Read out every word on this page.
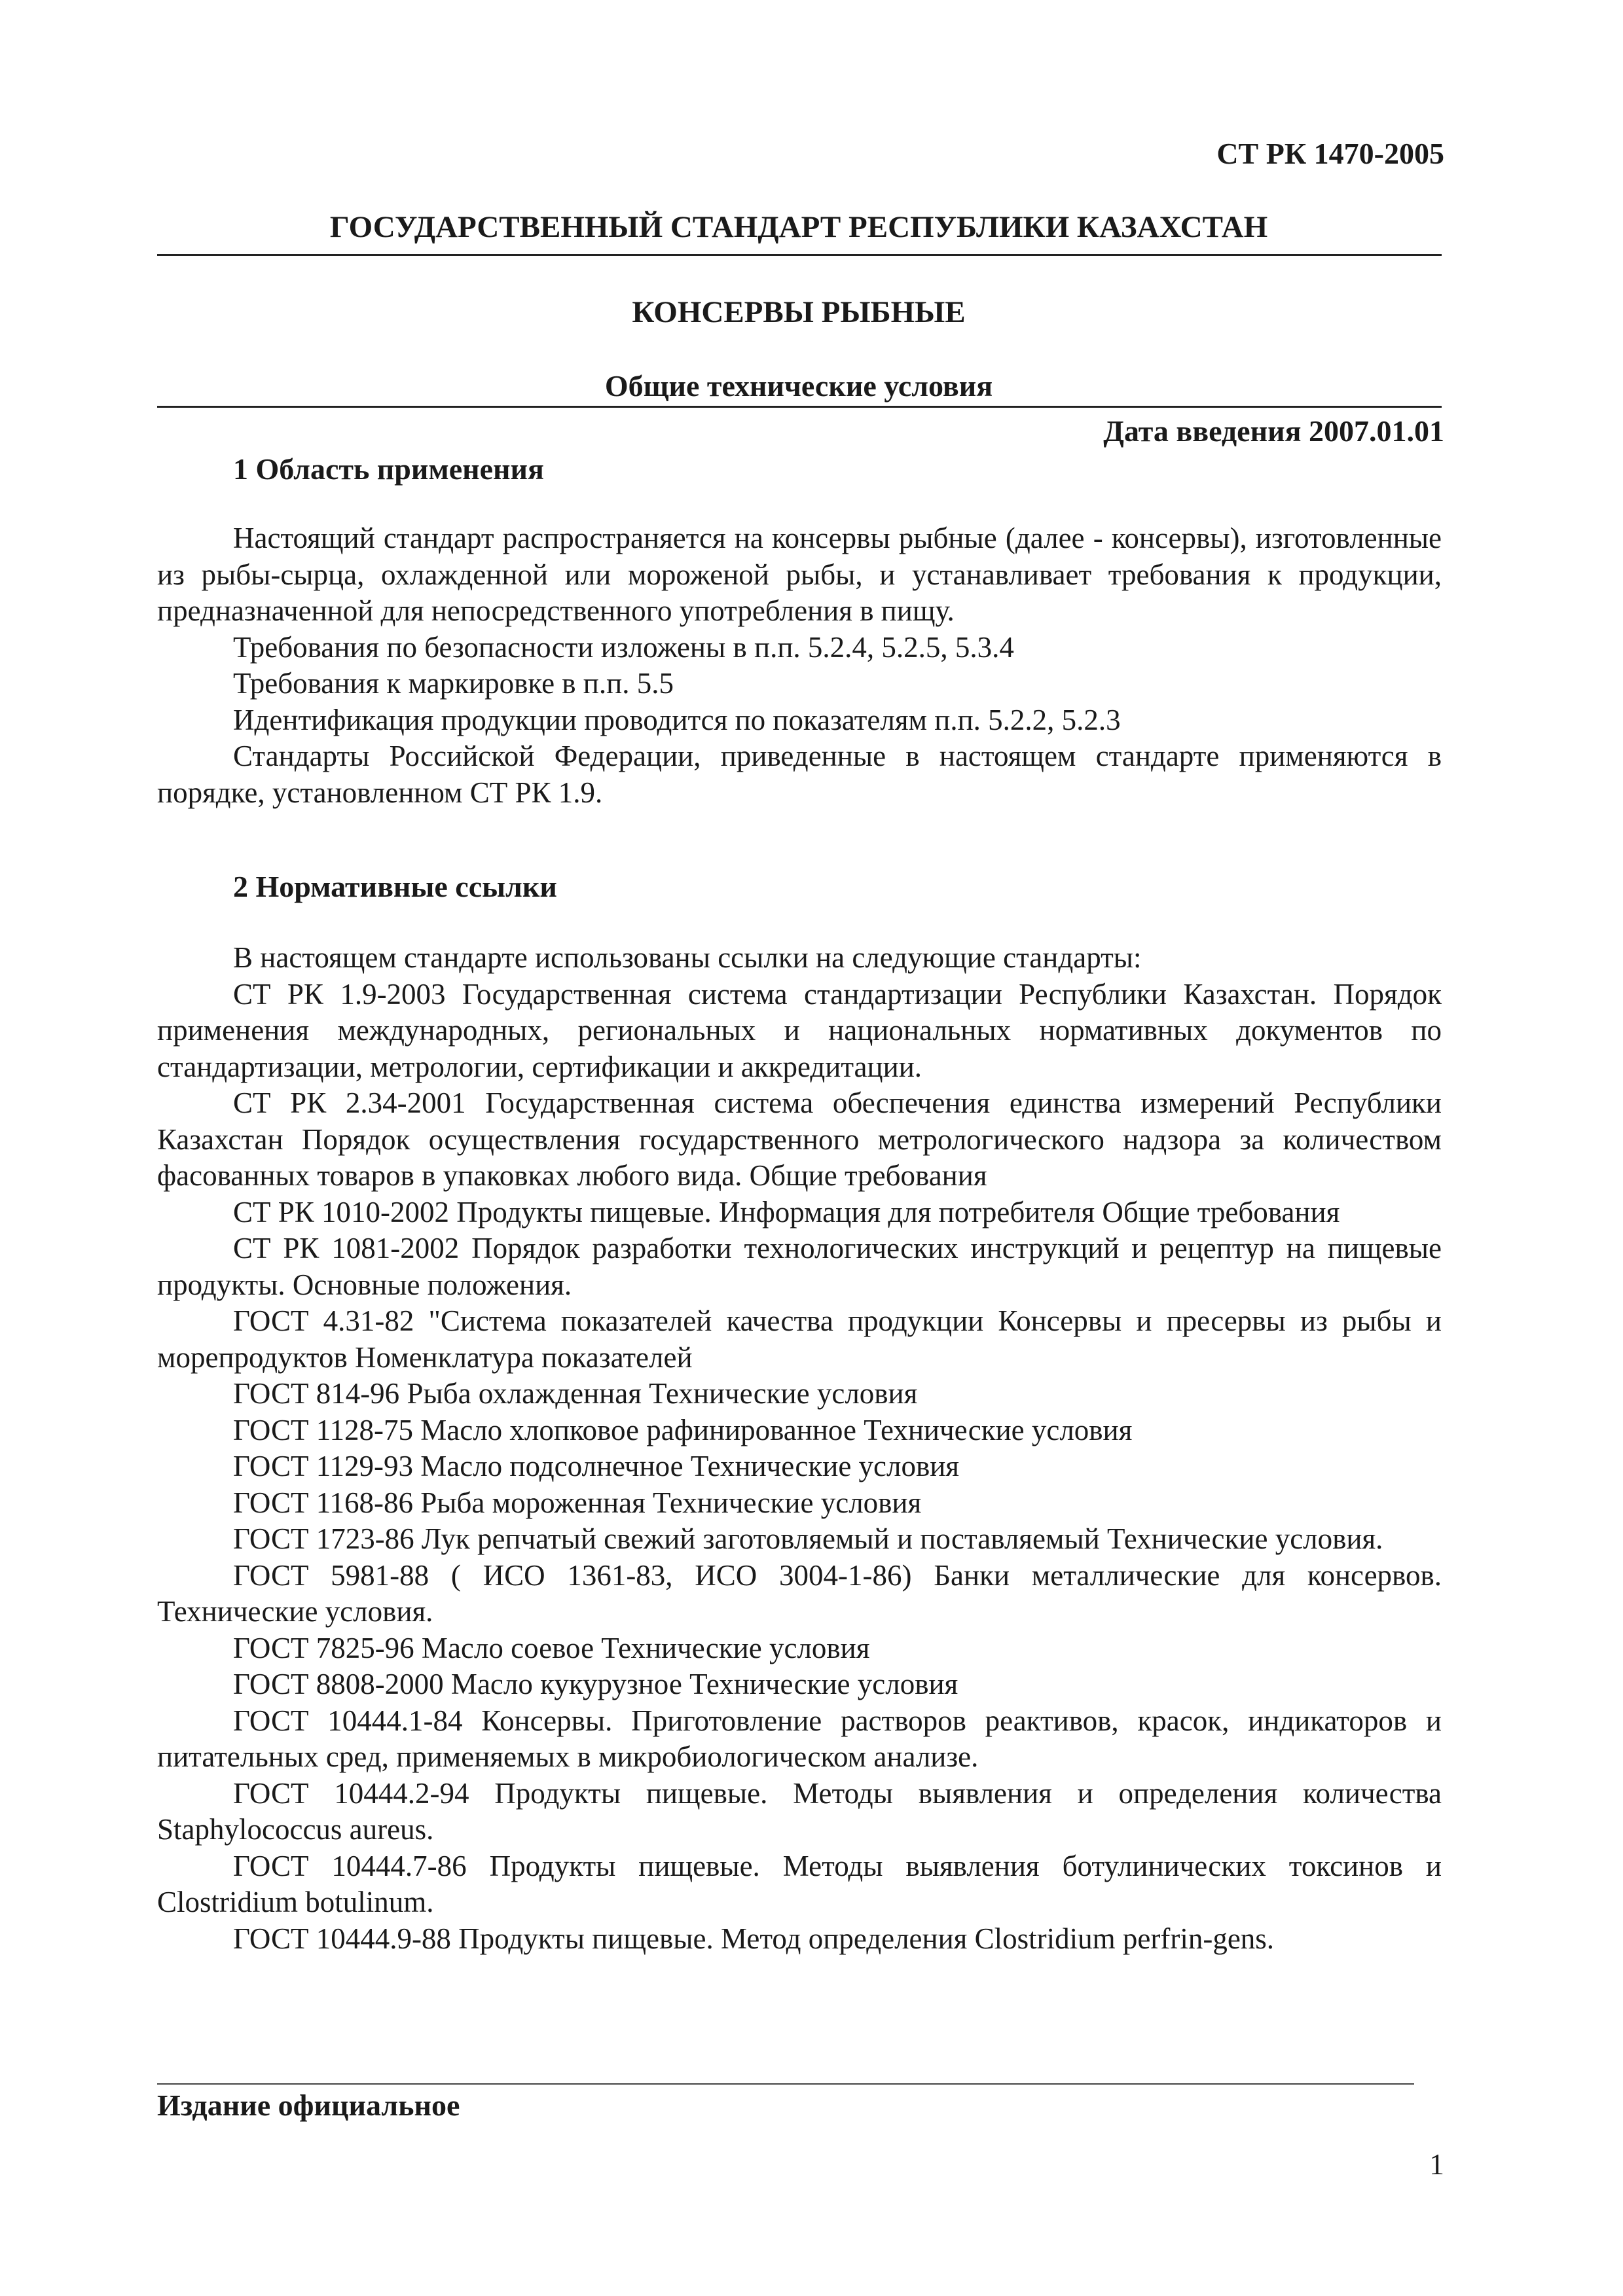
СТ РК 1470-2005
ГОСУДАРСТВЕННЫЙ СТАНДАРТ РЕСПУБЛИКИ КАЗАХСТАН
КОНСЕРВЫ РЫБНЫЕ
Общие технические условия
Дата введения 2007.01.01
1 Область применения

Настоящий стандарт распространяется на консервы рыбные (далее - консервы), изготовленные из рыбы-сырца, охлажденной или мороженой рыбы, и устанавливает требования к продукции, предназначенной для непосредственного употребления в пищу.

Требования по безопасности изложены в п.п. 5.2.4, 5.2.5, 5.3.4

Требования к маркировке в п.п. 5.5

Идентификация продукции проводится по показателям п.п. 5.2.2, 5.2.3

Стандарты Российской Федерации, приведенные в настоящем стандарте применяются в порядке, установленном СТ РК 1.9.

2 Нормативные ссылки

В настоящем стандарте использованы ссылки на следующие стандарты:

СТ РК 1.9-2003 Государственная система стандартизации Республики Казахстан. Порядок применения международных, региональных и национальных нормативных документов по стандартизации, метрологии, сертификации и аккредитации.

СТ РК 2.34-2001 Государственная система обеспечения единства измерений Республики Казахстан Порядок осуществления государственного метрологического надзора за количеством фасованных товаров в упаковках любого вида. Общие требования

СТ РК 1010-2002 Продукты пищевые. Информация для потребителя Общие требования

СТ РК 1081-2002 Порядок разработки технологических инструкций и рецептур на пищевые продукты. Основные положения.

ГОСТ 4.31-82 "Система показателей качества продукции Консервы и пресервы из рыбы и морепродуктов Номенклатура показателей

ГОСТ 814-96 Рыба охлажденная Технические условия

ГОСТ 1128-75 Масло хлопковое рафинированное Технические условия

ГОСТ 1129-93 Масло подсолнечное Технические условия

ГОСТ 1168-86 Рыба мороженная Технические условия

ГОСТ 1723-86 Лук репчатый свежий заготовляемый и поставляемый Технические условия.

ГОСТ 5981-88 ( ИСО 1361-83, ИСО 3004-1-86) Банки металлические для консервов. Технические условия.

ГОСТ 7825-96 Масло соевое Технические условия

ГОСТ 8808-2000 Масло кукурузное Технические условия

ГОСТ 10444.1-84 Консервы. Приготовление растворов реактивов, красок, индикаторов и питательных сред, применяемых в микробиологическом анализе.

ГОСТ 10444.2-94 Продукты пищевые. Методы выявления и определения количества Staphylococcus aureus.

ГОСТ 10444.7-86 Продукты пищевые. Методы выявления ботулинических токсинов и Clostridium botulinum.

ГОСТ 10444.9-88 Продукты пищевые. Метод определения Clostridium perfrin-gens.

Издание официальное
1
